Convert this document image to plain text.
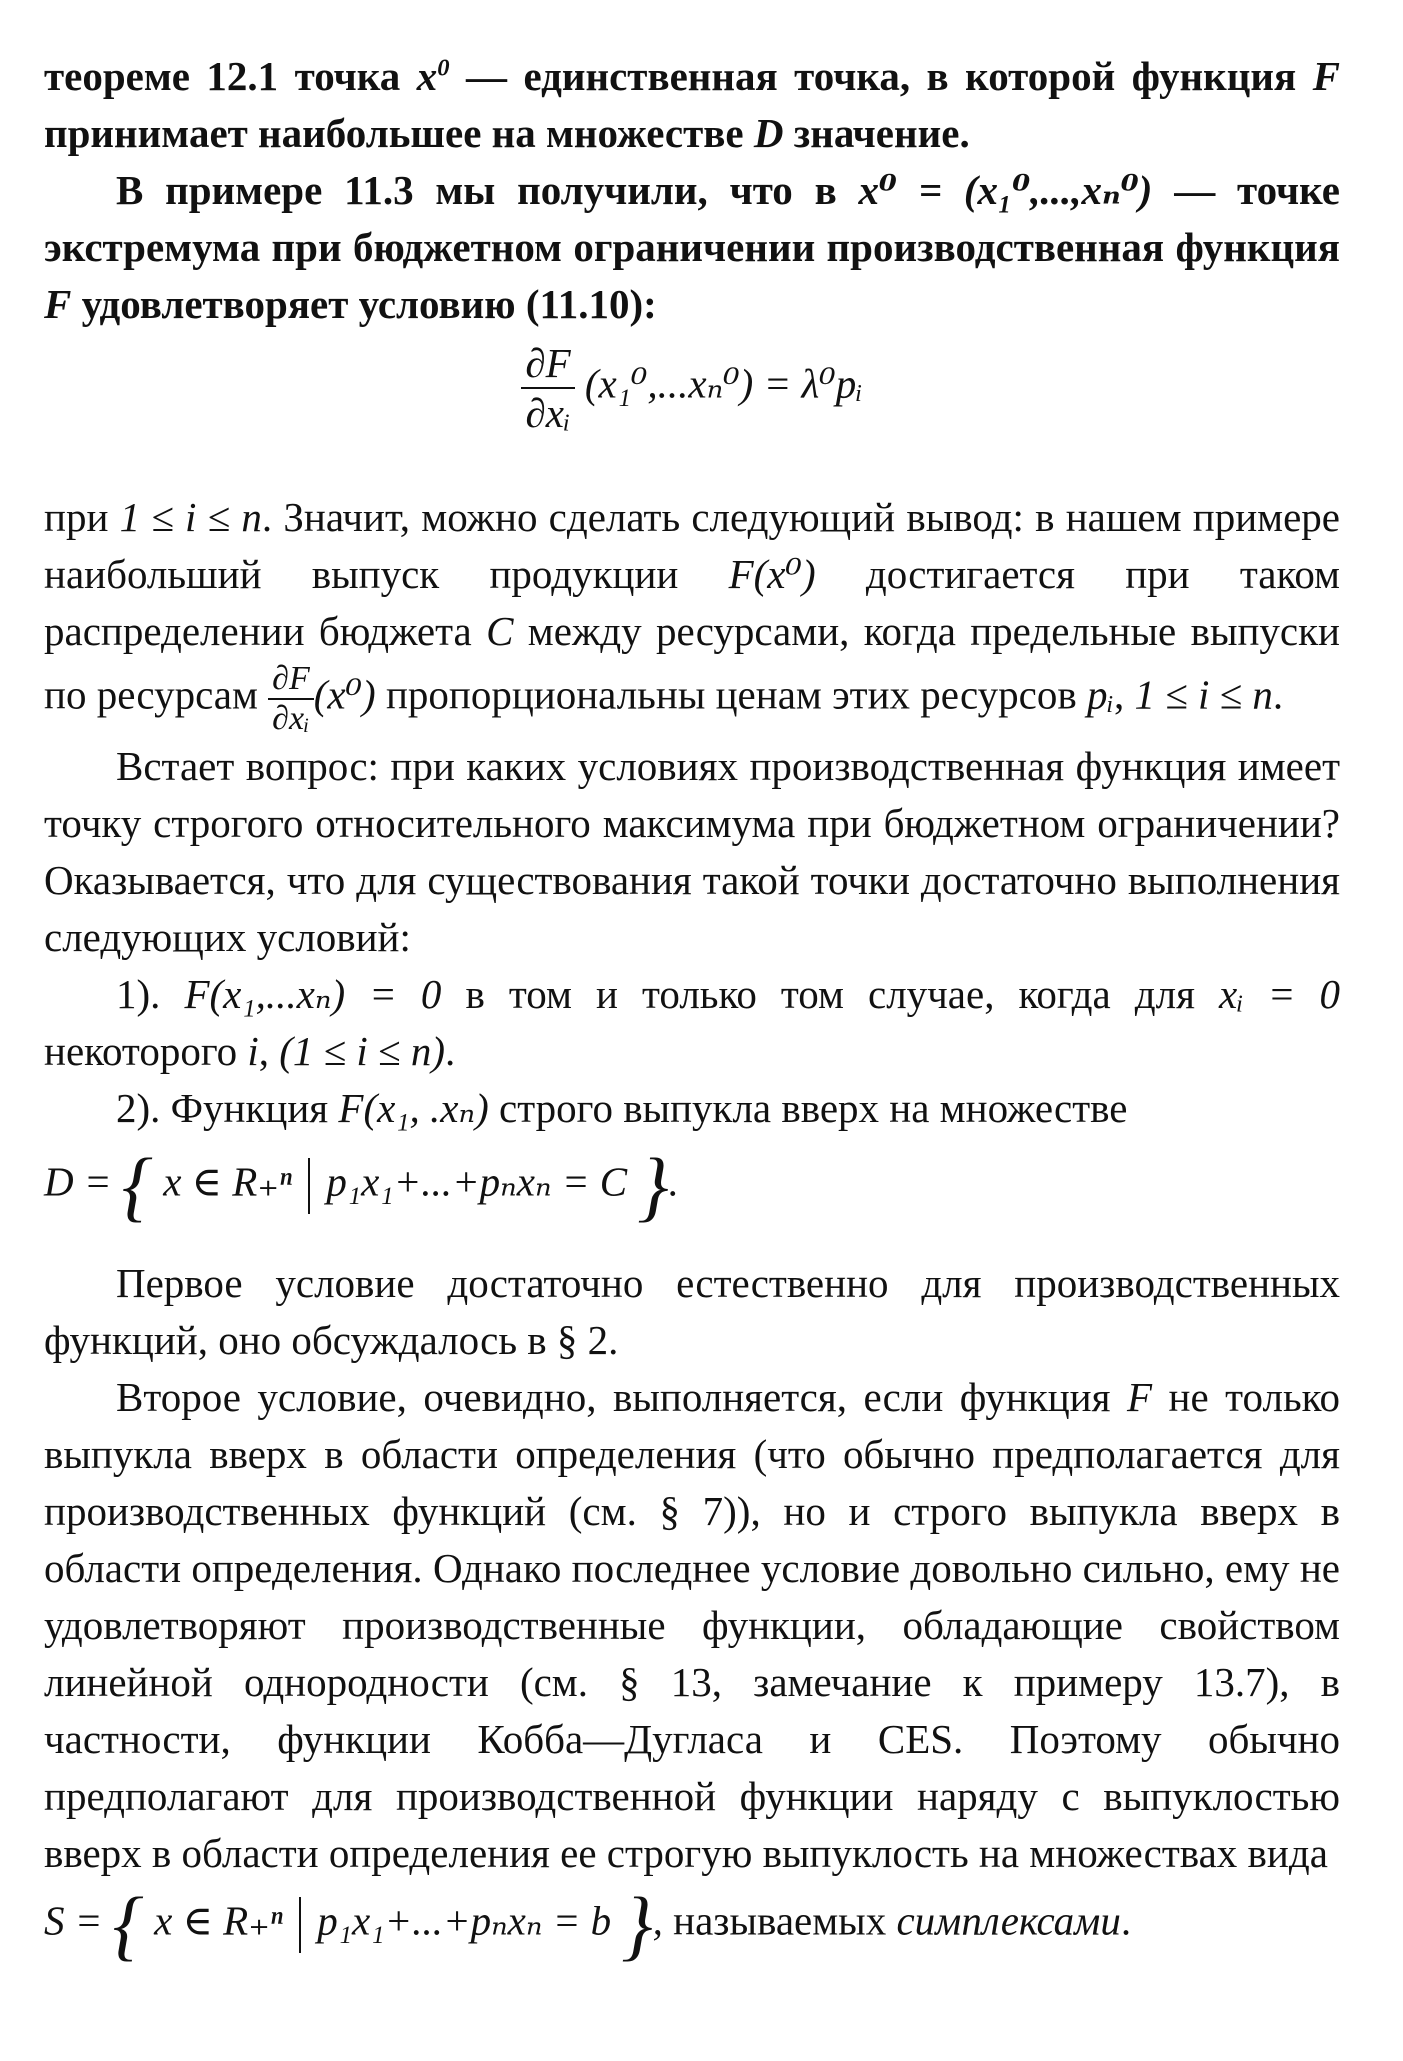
теореме 12.1 точка $x^0$ — единственная точка, в которой функция F принимает наибольшее на множестве D значение.

В примере 11.3 мы получили, что в x⁰ = (x₁⁰,...,xₙ⁰) — точке экстремума при бюджетном ограничении производственная функция F удовлетворяет условию (11.10):

$\frac{\partial F}{\text{∂xᵢ}} (x_1^0,...x_n^0)$ = λ⁰pᵢ

при 1 ≤ i ≤ n. Значит, можно сделать следующий вывод: в нашем примере наибольший выпуск продукции F(x⁰) достигается при таком распределении бюджета C между ресурсами, когда предельные выпуски по ресурсам $\frac{\partial F}{\text{∂xᵢ}} (x^0)$ пропорциональны ценам этих ресурсов pᵢ, 1 ≤ i ≤ n.

Встает вопрос: при каких условиях производственная функция имеет точку строгого относительного максимума при бюджетном ограничении? Оказывается, что для существования такой точки достаточно выполнения следующих условий:

1). F(x₁,...xₙ) = 0 в том и только том случае, когда для xᵢ = 0 некоторого i, (1 ≤ i ≤ n).

2). Функция F(x₁, .xₙ) строго выпукла вверх на множестве

D = { x ∈ R₊ⁿ p₁x₁+...+pₙxₙ = C }.

Первое условие достаточно естественно для производственных функций, оно обсуждалось в § 2.

Второе условие, очевидно, выполняется, если функция F не только выпукла вверх в области определения (что обычно предполагается для производственных функций (см. § 7)), но и строго выпукла вверх в области определения. Однако последнее условие довольно сильно, ему не удовлетворяют производственные функции, обладающие свойством линейной однородности (см. § 13, замечание к примеру 13.7), в частности, функции Кобба—Дугласа и CES. Поэтому обычно предполагают для производственной функции наряду с выпуклостью вверх в области определения ее строгую выпуклость на множествах вида

S = { x ∈ R₊ⁿ p₁x₁+...+pₙxₙ = b }, называемых симплексами.
